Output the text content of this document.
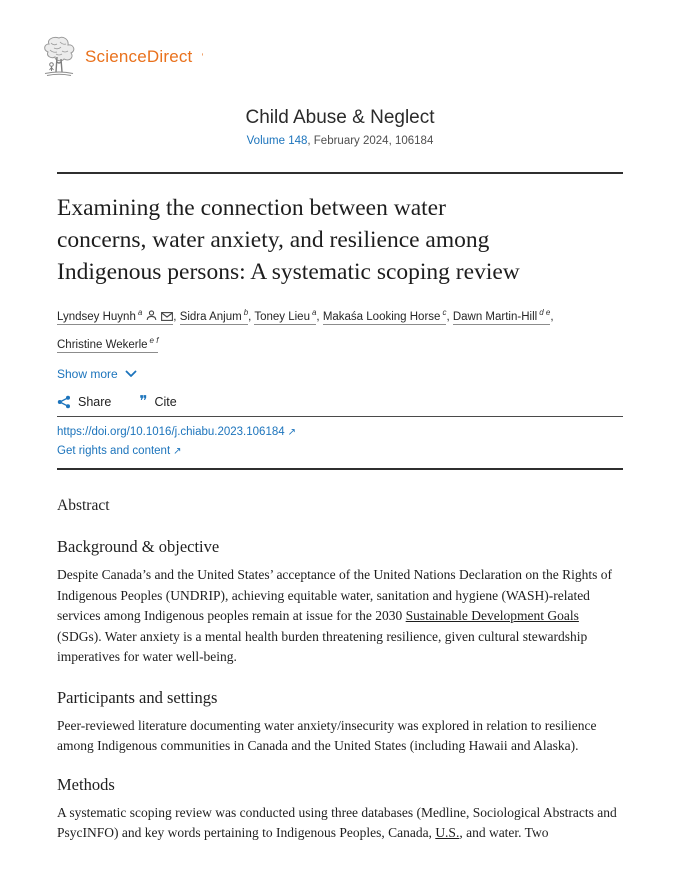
ScienceDirect ’
Child Abuse & Neglect
Volume 148, February 2024, 106184
Examining the connection between water
concerns, water anxiety, and resilience among
Indigenous persons: A systematic scoping review
Lyndsey Huynh $^a$	, Sidra Anjum $^b$, Toney Lieu $^a$, Makaśa Looking Horse $^c$, Dawn Martin-Hill $^{d e}$,
Christine Wekerle $^{e f}$
Show more
Share ❞ Cite
https://doi.org/10.1016/j.chiabu.2023.106184 ↗
Get rights and content ↗
Abstract
Background & objective

Despite Canada’s and the United States’ acceptance of the United Nations Declaration on the Rights of Indigenous Peoples (UNDRIP), achieving equitable water, sanitation and hygiene (WASH)-related services among Indigenous peoples remain at issue for the 2030 Sustainable Development Goals (SDGs). Water anxiety is a mental health burden threatening resilience, given cultural stewardship imperatives for water well-being.

Participants and settings

Peer-reviewed literature documenting water anxiety/insecurity was explored in relation to resilience among Indigenous communities in Canada and the United States (including Hawaii and Alaska).

Methods

A systematic scoping review was conducted using three databases (Medline, Sociological Abstracts and PsycINFO) and key words pertaining to Indigenous Peoples, Canada, U.S., and water. Two
